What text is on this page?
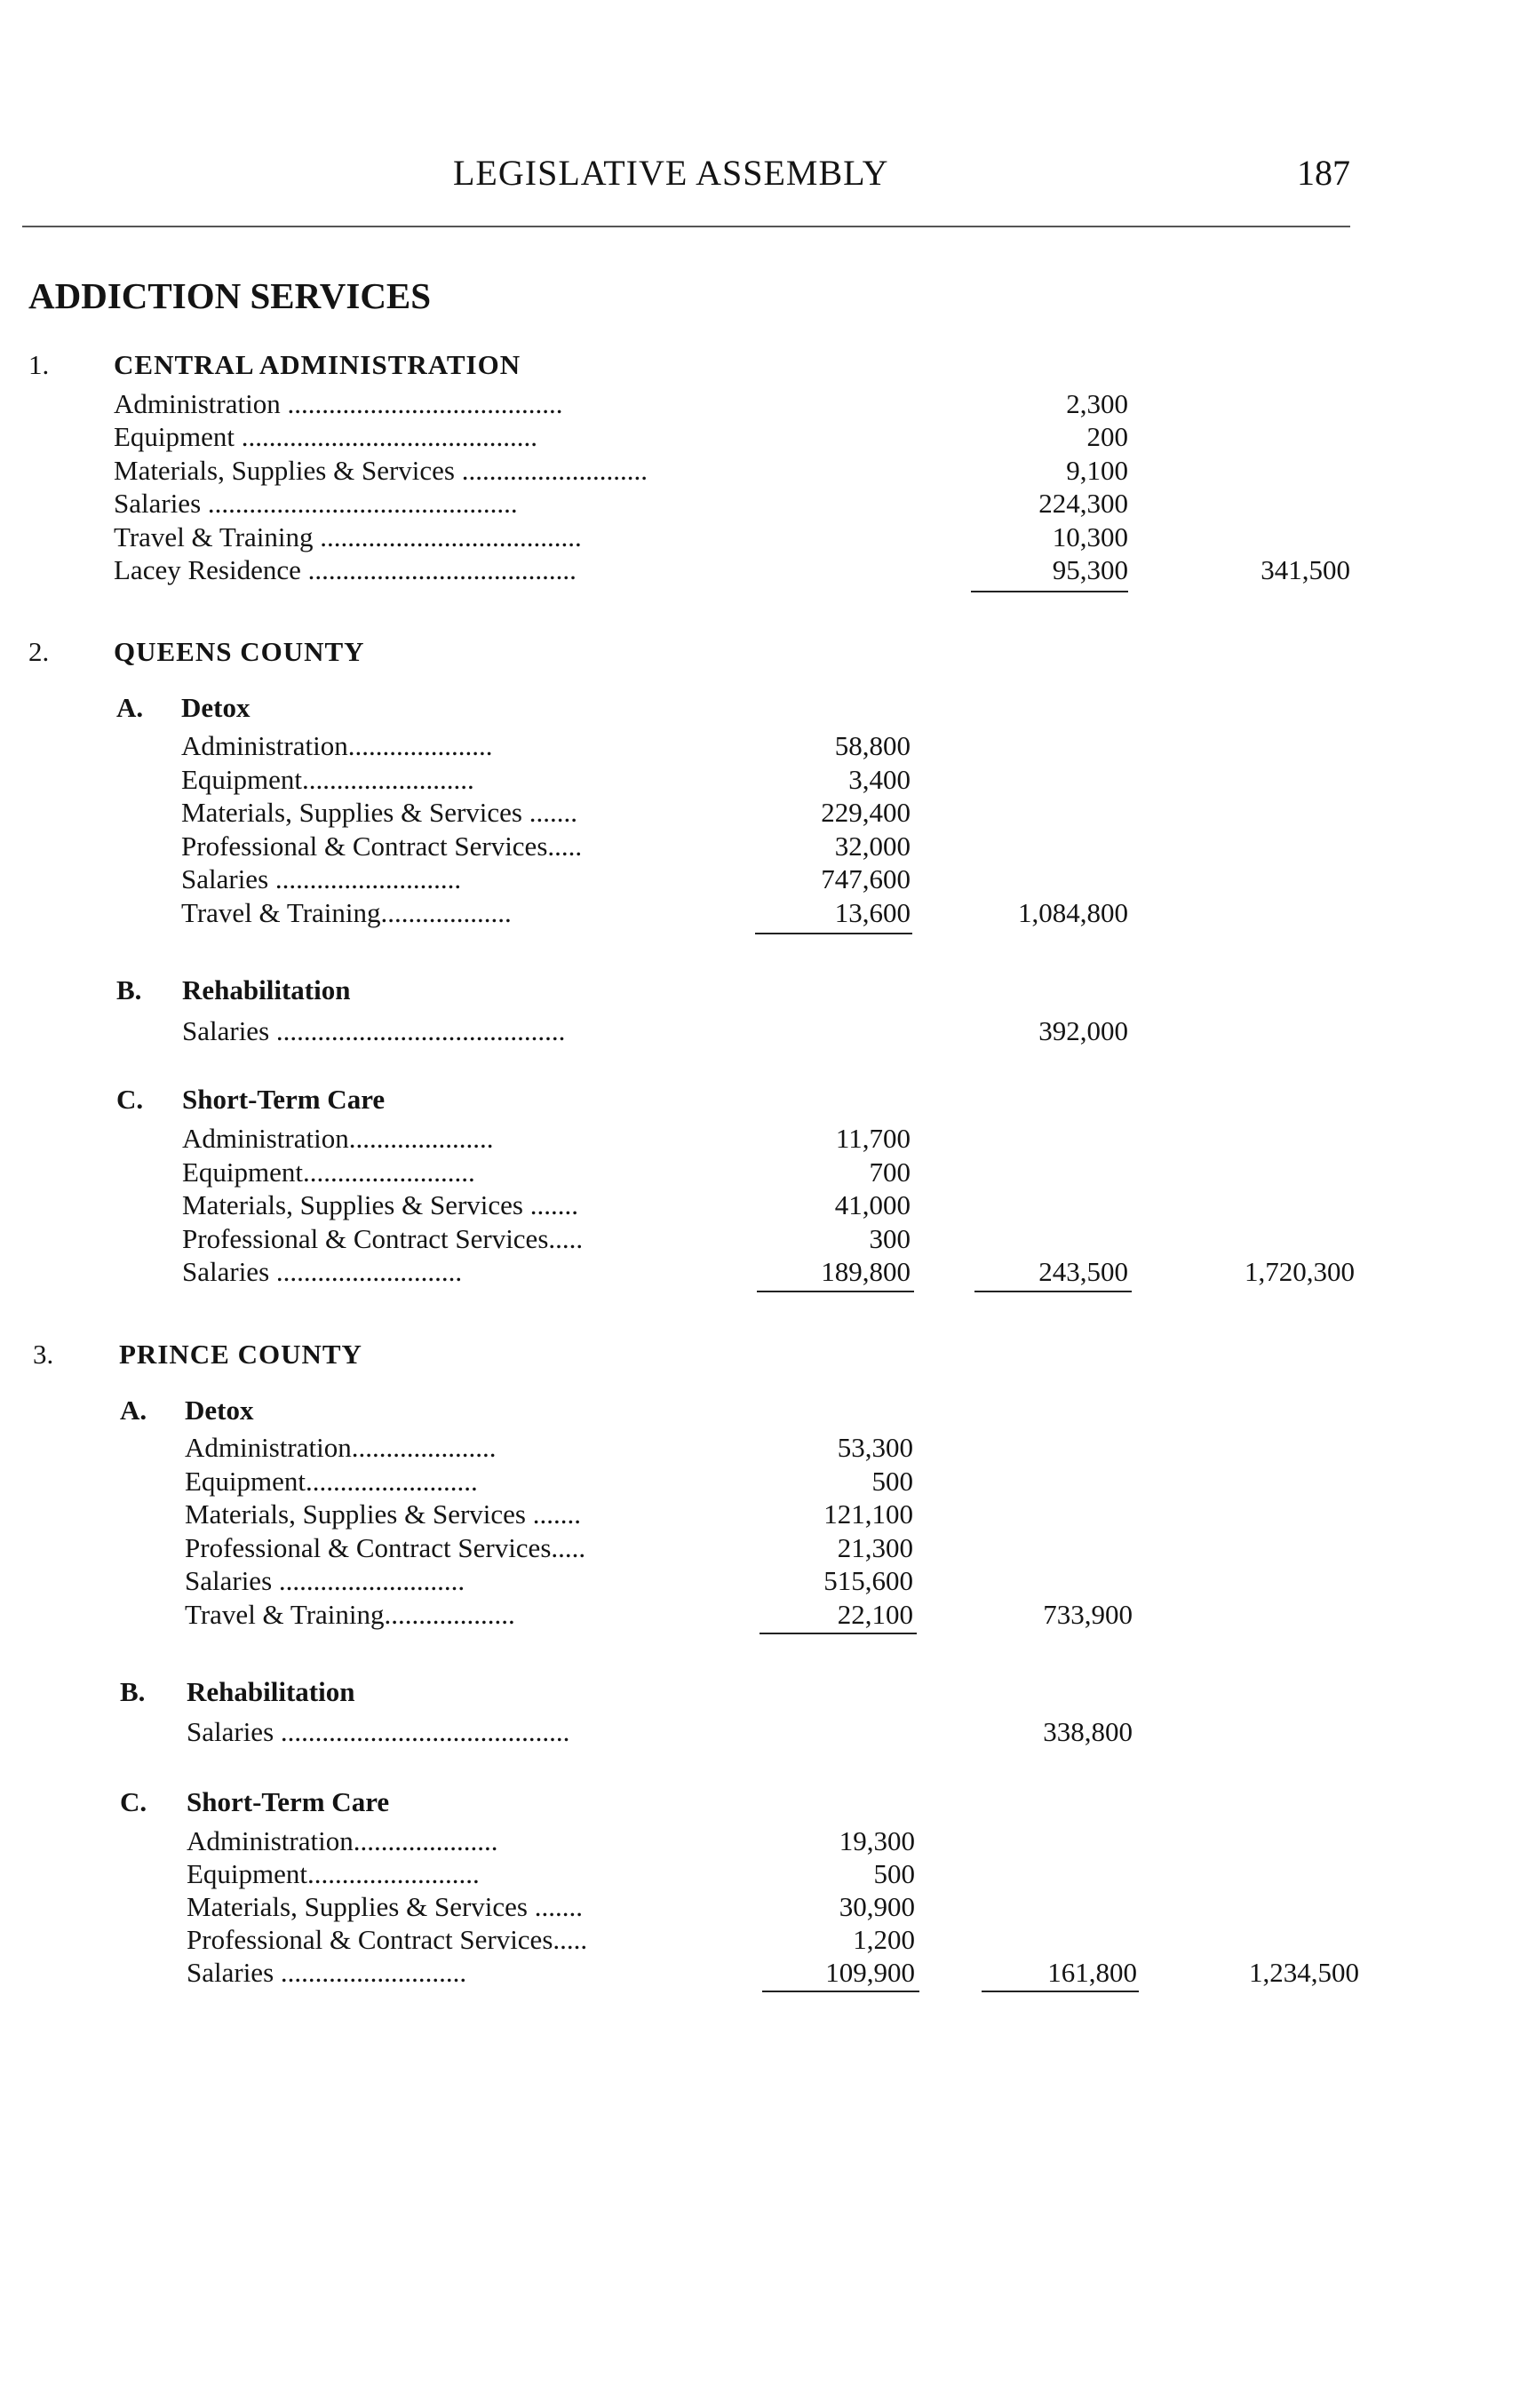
LEGISLATIVE ASSEMBLY	187
ADDICTION SERVICES
1. CENTRAL ADMINISTRATION
Administration ........................................	2,300
Equipment ...........................................	200
Materials, Supplies & Services ...........................	9,100
Salaries .............................................	224,300
Travel & Training ......................................	10,300
Lacey Residence .......................................	95,300	341,500
2. QUEENS COUNTY
A. Detox
Administration.....................	58,800
Equipment.........................	3,400
Materials, Supplies & Services .......	229,400
Professional & Contract Services.....	32,000
Salaries ...........................	747,600
Travel & Training...................	13,600	1,084,800
B. Rehabilitation
Salaries ..........................................	392,000
C. Short-Term Care
Administration.....................	11,700
Equipment.........................	700
Materials, Supplies & Services .......	41,000
Professional & Contract Services.....	300
Salaries ...........................	189,800	243,500	1,720,300
3. PRINCE COUNTY
A. Detox
Administration.....................	53,300
Equipment.........................	500
Materials, Supplies & Services .......	121,100
Professional & Contract Services.....	21,300
Salaries ...........................	515,600
Travel & Training...................	22,100	733,900
B. Rehabilitation
Salaries ..........................................	338,800
C. Short-Term Care
Administration.....................	19,300
Equipment.........................	500
Materials, Supplies & Services .......	30,900
Professional & Contract Services.....	1,200
Salaries ...........................	109,900	161,800	1,234,500
